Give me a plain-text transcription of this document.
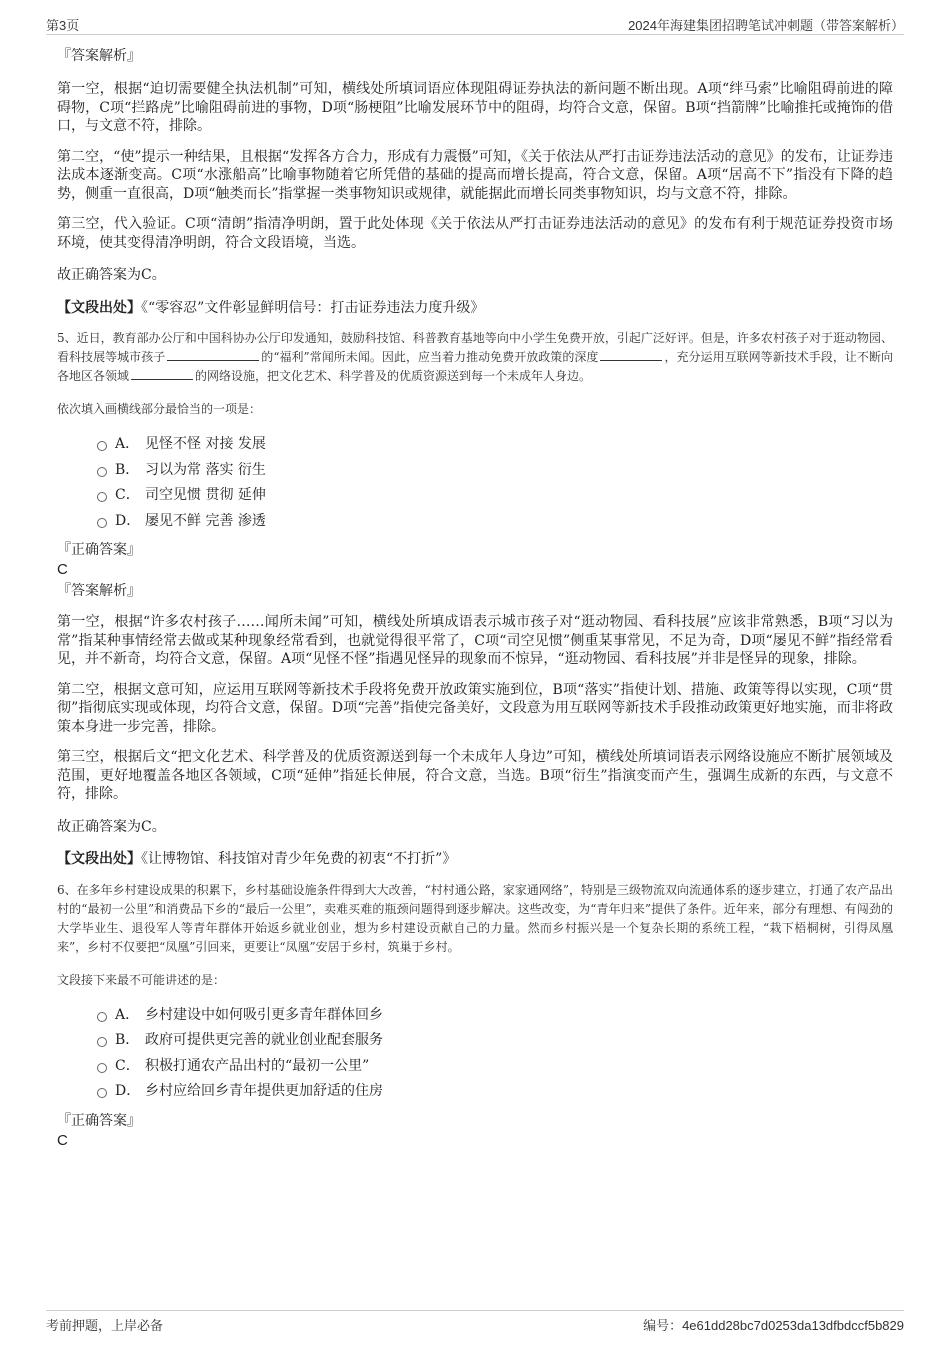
第3页	2024年海建集团招聘笔试冲刺题（带答案解析）
『答案解析』

第一空，根据“迫切需要健全执法机制”可知，横线处所填词语应体现阻碍证券执法的新问题不断出现。A项“绊马索”比喻阻碍前进的障碍物，C项“拦路虎”比喻阻碍前进的事物，D项“肠梗阻”比喻发展环节中的阻碍，均符合文意，保留。B项“挡箭牌”比喻推托或掩饰的借口，与文意不符，排除。

第二空，“使”提示一种结果，且根据“发挥各方合力，形成有力震慑”可知，《关于依法从严打击证券违法活动的意见》的发布，让证券违法成本逐渐变高。C项“水涨船高”比喻事物随着它所凭借的基础的提高而增长提高，符合文意，保留。A项“居高不下”指没有下降的趋势，侧重一直很高，D项“触类而长”指掌握一类事物知识或规律，就能据此而增长同类事物知识，均与文意不符，排除。

第三空，代入验证。C项“清朗”指清净明朗，置于此处体现《关于依法从严打击证券违法活动的意见》的发布有利于规范证券投资市场环境，使其变得清净明朗，符合文段语境，当选。

故正确答案为C。

【文段出处】《“零容忍”文件彰显鲜明信号：打击证券违法力度升级》

5、近日，教育部办公厅和中国科协办公厅印发通知，鼓励科技馆、科普教育基地等向中小学生免费开放，引起广泛好评。但是，许多农村孩子对于逛动物园、看科技展等城市孩子	的“福利”常闻所未闻。因此，应当着力推动免费开放政策的深度	，充分运用互联网等新技术手段，让不断向各地区各领域	的网络设施，把文化艺术、科学普及的优质资源送到每一个未成年人身边。

依次填入画横线部分最恰当的一项是：

A． 见怪不怪 对接 发展
B． 习以为常 落实 衍生
C． 司空见惯 贯彻 延伸
D． 屡见不鲜 完善 渗透
『正确答案』
C
『答案解析』

第一空，根据“许多农村孩子……闻所未闻”可知，横线处所填成语表示城市孩子对“逛动物园、看科技展”应该非常熟悉，B项“习以为常”指某种事情经常去做或某种现象经常看到，也就觉得很平常了，C项“司空见惯”侧重某事常见，不足为奇，D项“屡见不鲜”指经常看见，并不新奇，均符合文意，保留。A项“见怪不怪”指遇见怪异的现象而不惊异，“逛动物园、看科技展”并非是怪异的现象，排除。

第二空，根据文意可知，应运用互联网等新技术手段将免费开放政策实施到位，B项“落实”指使计划、措施、政策等得以实现，C项“贯彻”指彻底实现或体现，均符合文意，保留。D项“完善”指使完备美好，文段意为用互联网等新技术手段推动政策更好地实施，而非将政策本身进一步完善，排除。

第三空，根据后文“把文化艺术、科学普及的优质资源送到每一个未成年人身边”可知，横线处所填词语表示网络设施应不断扩展领域及范围，更好地覆盖各地区各领域，C项“延伸”指延长伸展，符合文意，当选。B项“衍生”指演变而产生，强调生成新的东西，与文意不符，排除。

故正确答案为C。

【文段出处】《让博物馆、科技馆对青少年免费的初衷“不打折”》

6、在多年乡村建设成果的积累下，乡村基础设施条件得到大大改善，“村村通公路，家家通网络”，特别是三级物流双向流通体系的逐步建立，打通了农产品出村的“最初一公里”和消费品下乡的“最后一公里”，卖难买难的瓶颈问题得到逐步解决。这些改变，为“青年归来”提供了条件。近年来，部分有理想、有闯劲的大学毕业生、退役军人等青年群体开始返乡就业创业，想为乡村建设贡献自己的力量。然而乡村振兴是一个复杂长期的系统工程，“栽下梧桐树，引得凤凰来”，乡村不仅要把“凤凰”引回来，更要让“凤凰”安居于乡村，筑巢于乡村。

文段接下来最不可能讲述的是：

A． 乡村建设中如何吸引更多青年群体回乡
B． 政府可提供更完善的就业创业配套服务
C． 积极打通农产品出村的“最初一公里”
D． 乡村应给回乡青年提供更加舒适的住房
『正确答案』
C
考前押题，上岸必备	编号：4e61dd28bc7d0253da13dfbdccf5b829
